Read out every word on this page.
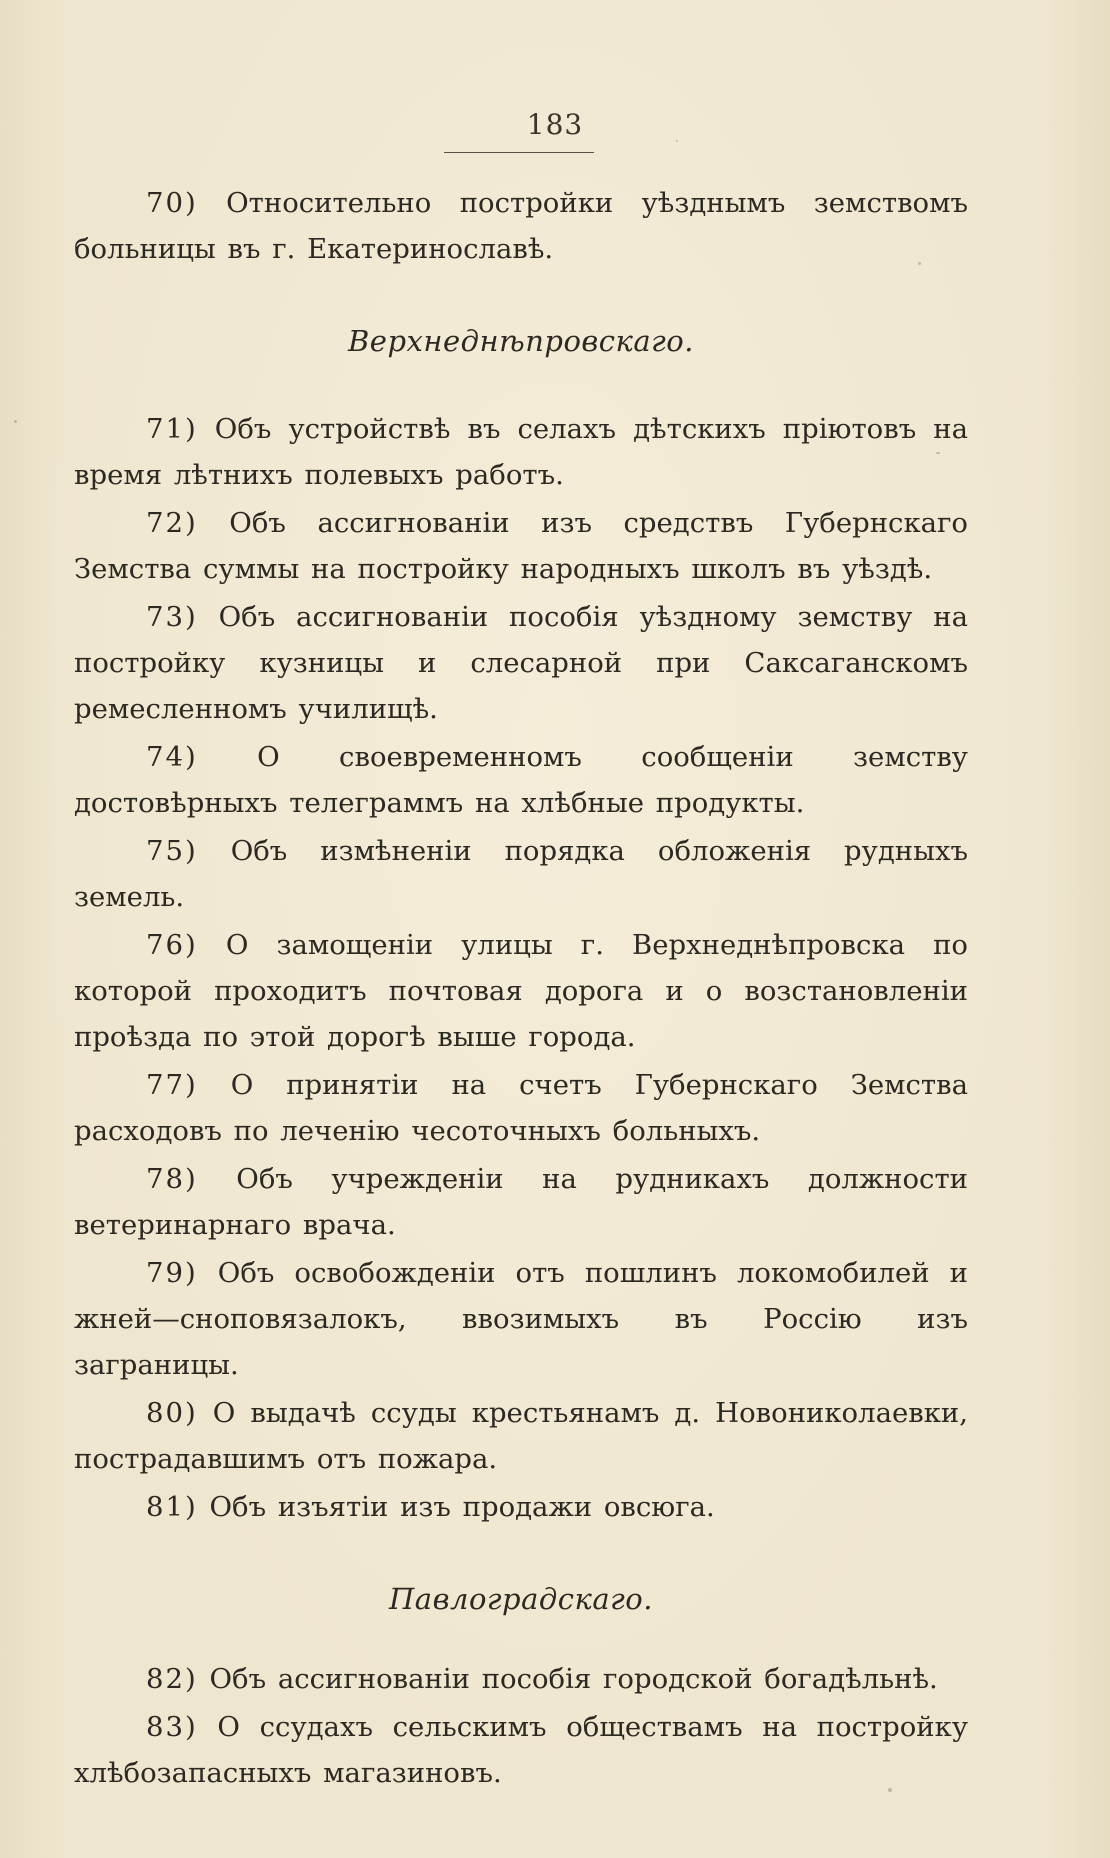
183

70) Относительно постройки уѣзднымъ земствомъ больницы въ г. Екатеринославѣ.

Верхнеднѣпровскаго.

71) Объ устройствѣ въ селахъ дѣтскихъ пріютовъ на время лѣтнихъ полевыхъ работъ.

72) Объ ассигнованіи изъ средствъ Губернскаго Земства суммы на постройку народныхъ школъ въ уѣздѣ.

73) Объ ассигнованіи пособія уѣздному земству на постройку кузницы и слесарной при Саксаганскомъ ремесленномъ училищѣ.

74) О своевременномъ сообщеніи земству достовѣрныхъ телеграммъ на хлѣбные продукты.

75) Объ измѣненіи порядка обложенія рудныхъ земель.

76) О замощеніи улицы г. Верхнеднѣпровска по которой проходитъ почтовая дорога и о возстановленіи проѣзда по этой дорогѣ выше города.

77) О принятіи на счетъ Губернскаго Земства расходовъ по леченію чесоточныхъ больныхъ.

78) Объ учрежденіи на рудникахъ должности ветеринарнаго врача.

79) Объ освобожденіи отъ пошлинъ локомобилей и жней—сноповязалокъ, ввозимыхъ въ Россію изъ заграницы.

80) О выдачѣ ссуды крестьянамъ д. Новониколаевки, пострадавшимъ отъ пожара.

81) Объ изъятіи изъ продажи овсюга.

Павлоградскаго.

82) Объ ассигнованіи пособія городской богадѣльнѣ.

83) О ссудахъ сельскимъ обществамъ на постройку хлѣбозапасныхъ магазиновъ.
